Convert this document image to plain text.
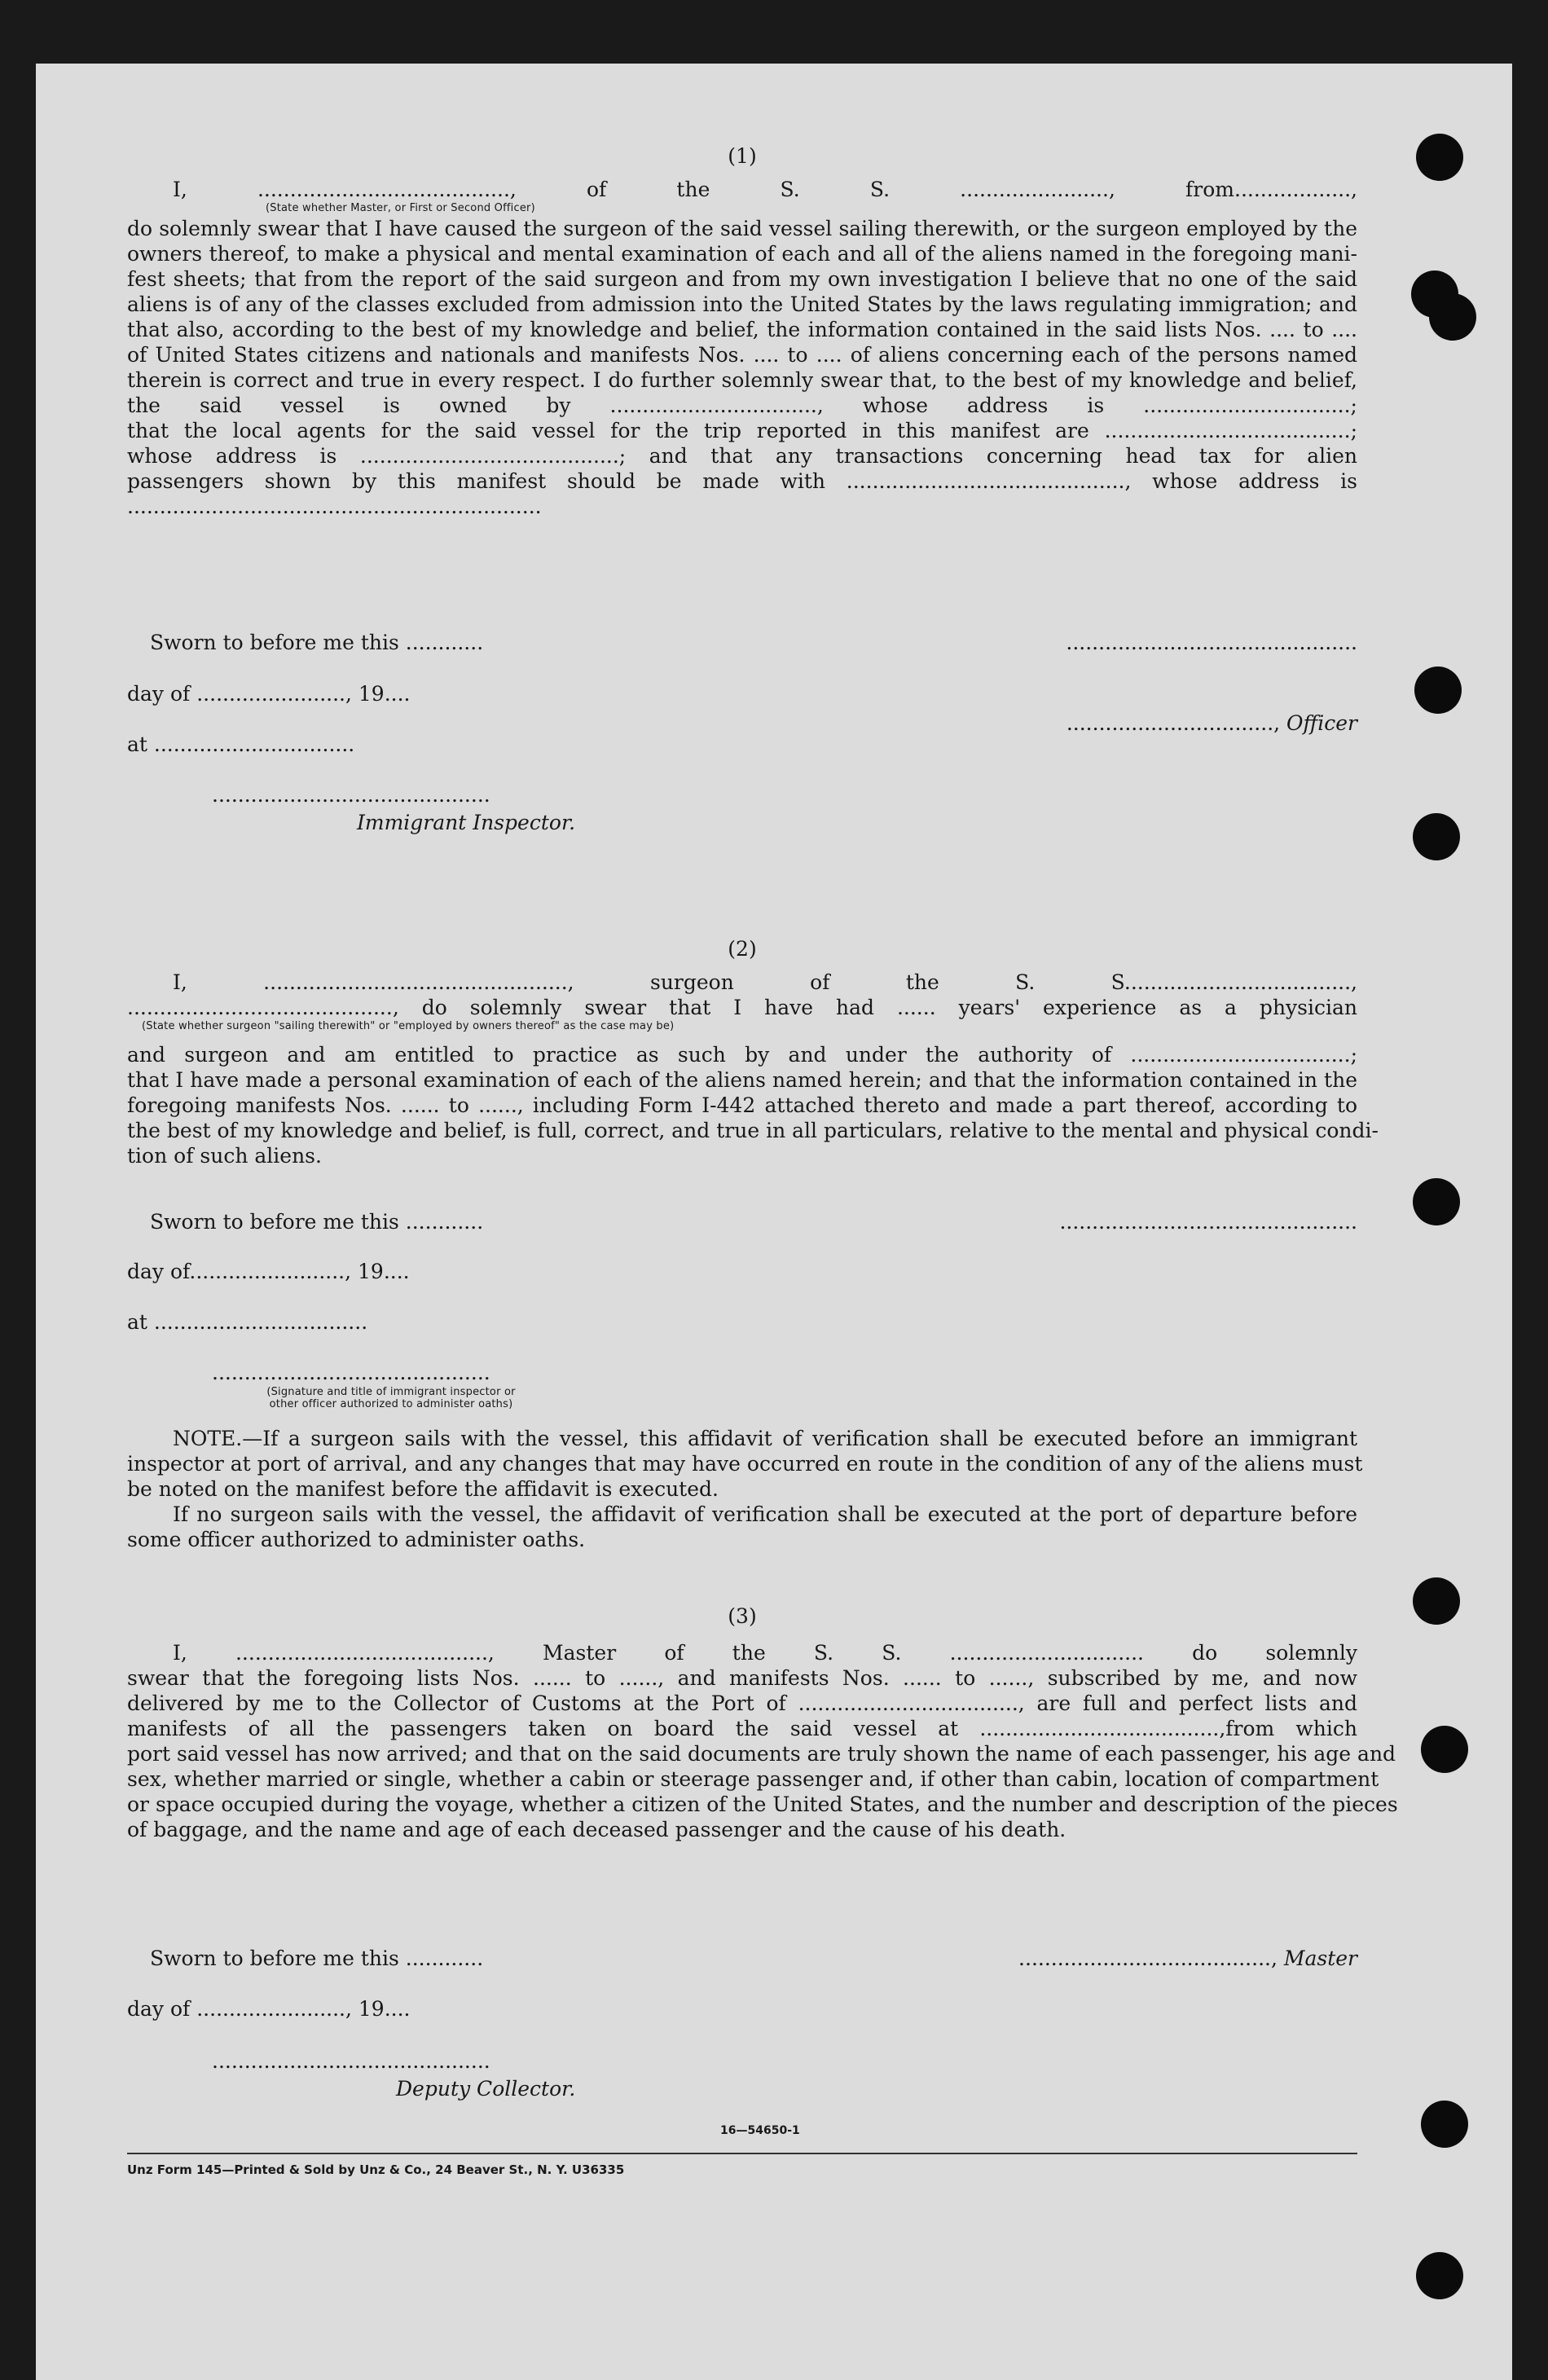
(1)

I, ......................................., of the S. S. ......................., from..................,

(State whether Master, or First or Second Officer)

do solemnly swear that I have caused the surgeon of the said vessel sailing therewith, or the surgeon employed by the

owners thereof, to make a physical and mental examination of each and all of the aliens named in the foregoing mani-

fest sheets; that from the report of the said surgeon and from my own investigation I believe that no one of the said

aliens is of any of the classes excluded from admission into the United States by the laws regulating immigration; and

that also, according to the best of my knowledge and belief, the information contained in the said lists Nos. .... to ....

of United States citizens and nationals and manifests Nos. .... to .... of aliens concerning each of the persons named

therein is correct and true in every respect. I do further solemnly swear that, to the best of my knowledge and belief,

the said vessel is owned by ................................, whose address is ................................;

that the local agents for the said vessel for the trip reported in this manifest are ......................................;

whose address is ........................................; and that any transactions concerning head tax for alien

passengers shown by this manifest should be made with ..........................................., whose address is

................................................................

Sworn to before me this ............	.............................................
day of ......................., 19....
................................, Officer
at ...............................
...........................................
Immigrant Inspector.

(2)

I, ..............................................., surgeon of the S. S...................................,

........................................., do solemnly swear that I have had ...... years' experience as a physician

(State whether surgeon "sailing therewith" or "employed by owners thereof" as the case may be)

and surgeon and am entitled to practice as such by and under the authority of ..................................;

that I have made a personal examination of each of the aliens named herein; and that the information contained in the

foregoing manifests Nos. ...... to ......, including Form I-442 attached thereto and made a part thereof, according to

the best of my knowledge and belief, is full, correct, and true in all particulars, relative to the mental and physical condi-

tion of such aliens.

Sworn to before me this ............	..............................................
day of........................, 19....
at .................................
...........................................

(Signature and title of immigrant inspector or

other officer authorized to administer oaths)

NOTE.—If a surgeon sails with the vessel, this affidavit of verification shall be executed before an immigrant

inspector at port of arrival, and any changes that may have occurred en route in the condition of any of the aliens must

be noted on the manifest before the affidavit is executed.

If no surgeon sails with the vessel, the affidavit of verification shall be executed at the port of departure before

some officer authorized to administer oaths.

(3)

I, ......................................., Master of the S. S. .............................. do solemnly

swear that the foregoing lists Nos. ...... to ......, and manifests Nos. ...... to ......, subscribed by me, and now

delivered by me to the Collector of Customs at the Port of .................................., are full and perfect lists and

manifests of all the passengers taken on board the said vessel at .....................................,from which

port said vessel has now arrived; and that on the said documents are truly shown the name of each passenger, his age and

sex, whether married or single, whether a cabin or steerage passenger and, if other than cabin, location of compartment

or space occupied during the voyage, whether a citizen of the United States, and the number and description of the pieces

of baggage, and the name and age of each deceased passenger and the cause of his death.

Sworn to before me this ............	......................................., Master
day of ......................., 19....
...........................................
Deputy Collector.
16—54650-1
Unz Form 145—Printed & Sold by Unz & Co., 24 Beaver St., N. Y. U36335
